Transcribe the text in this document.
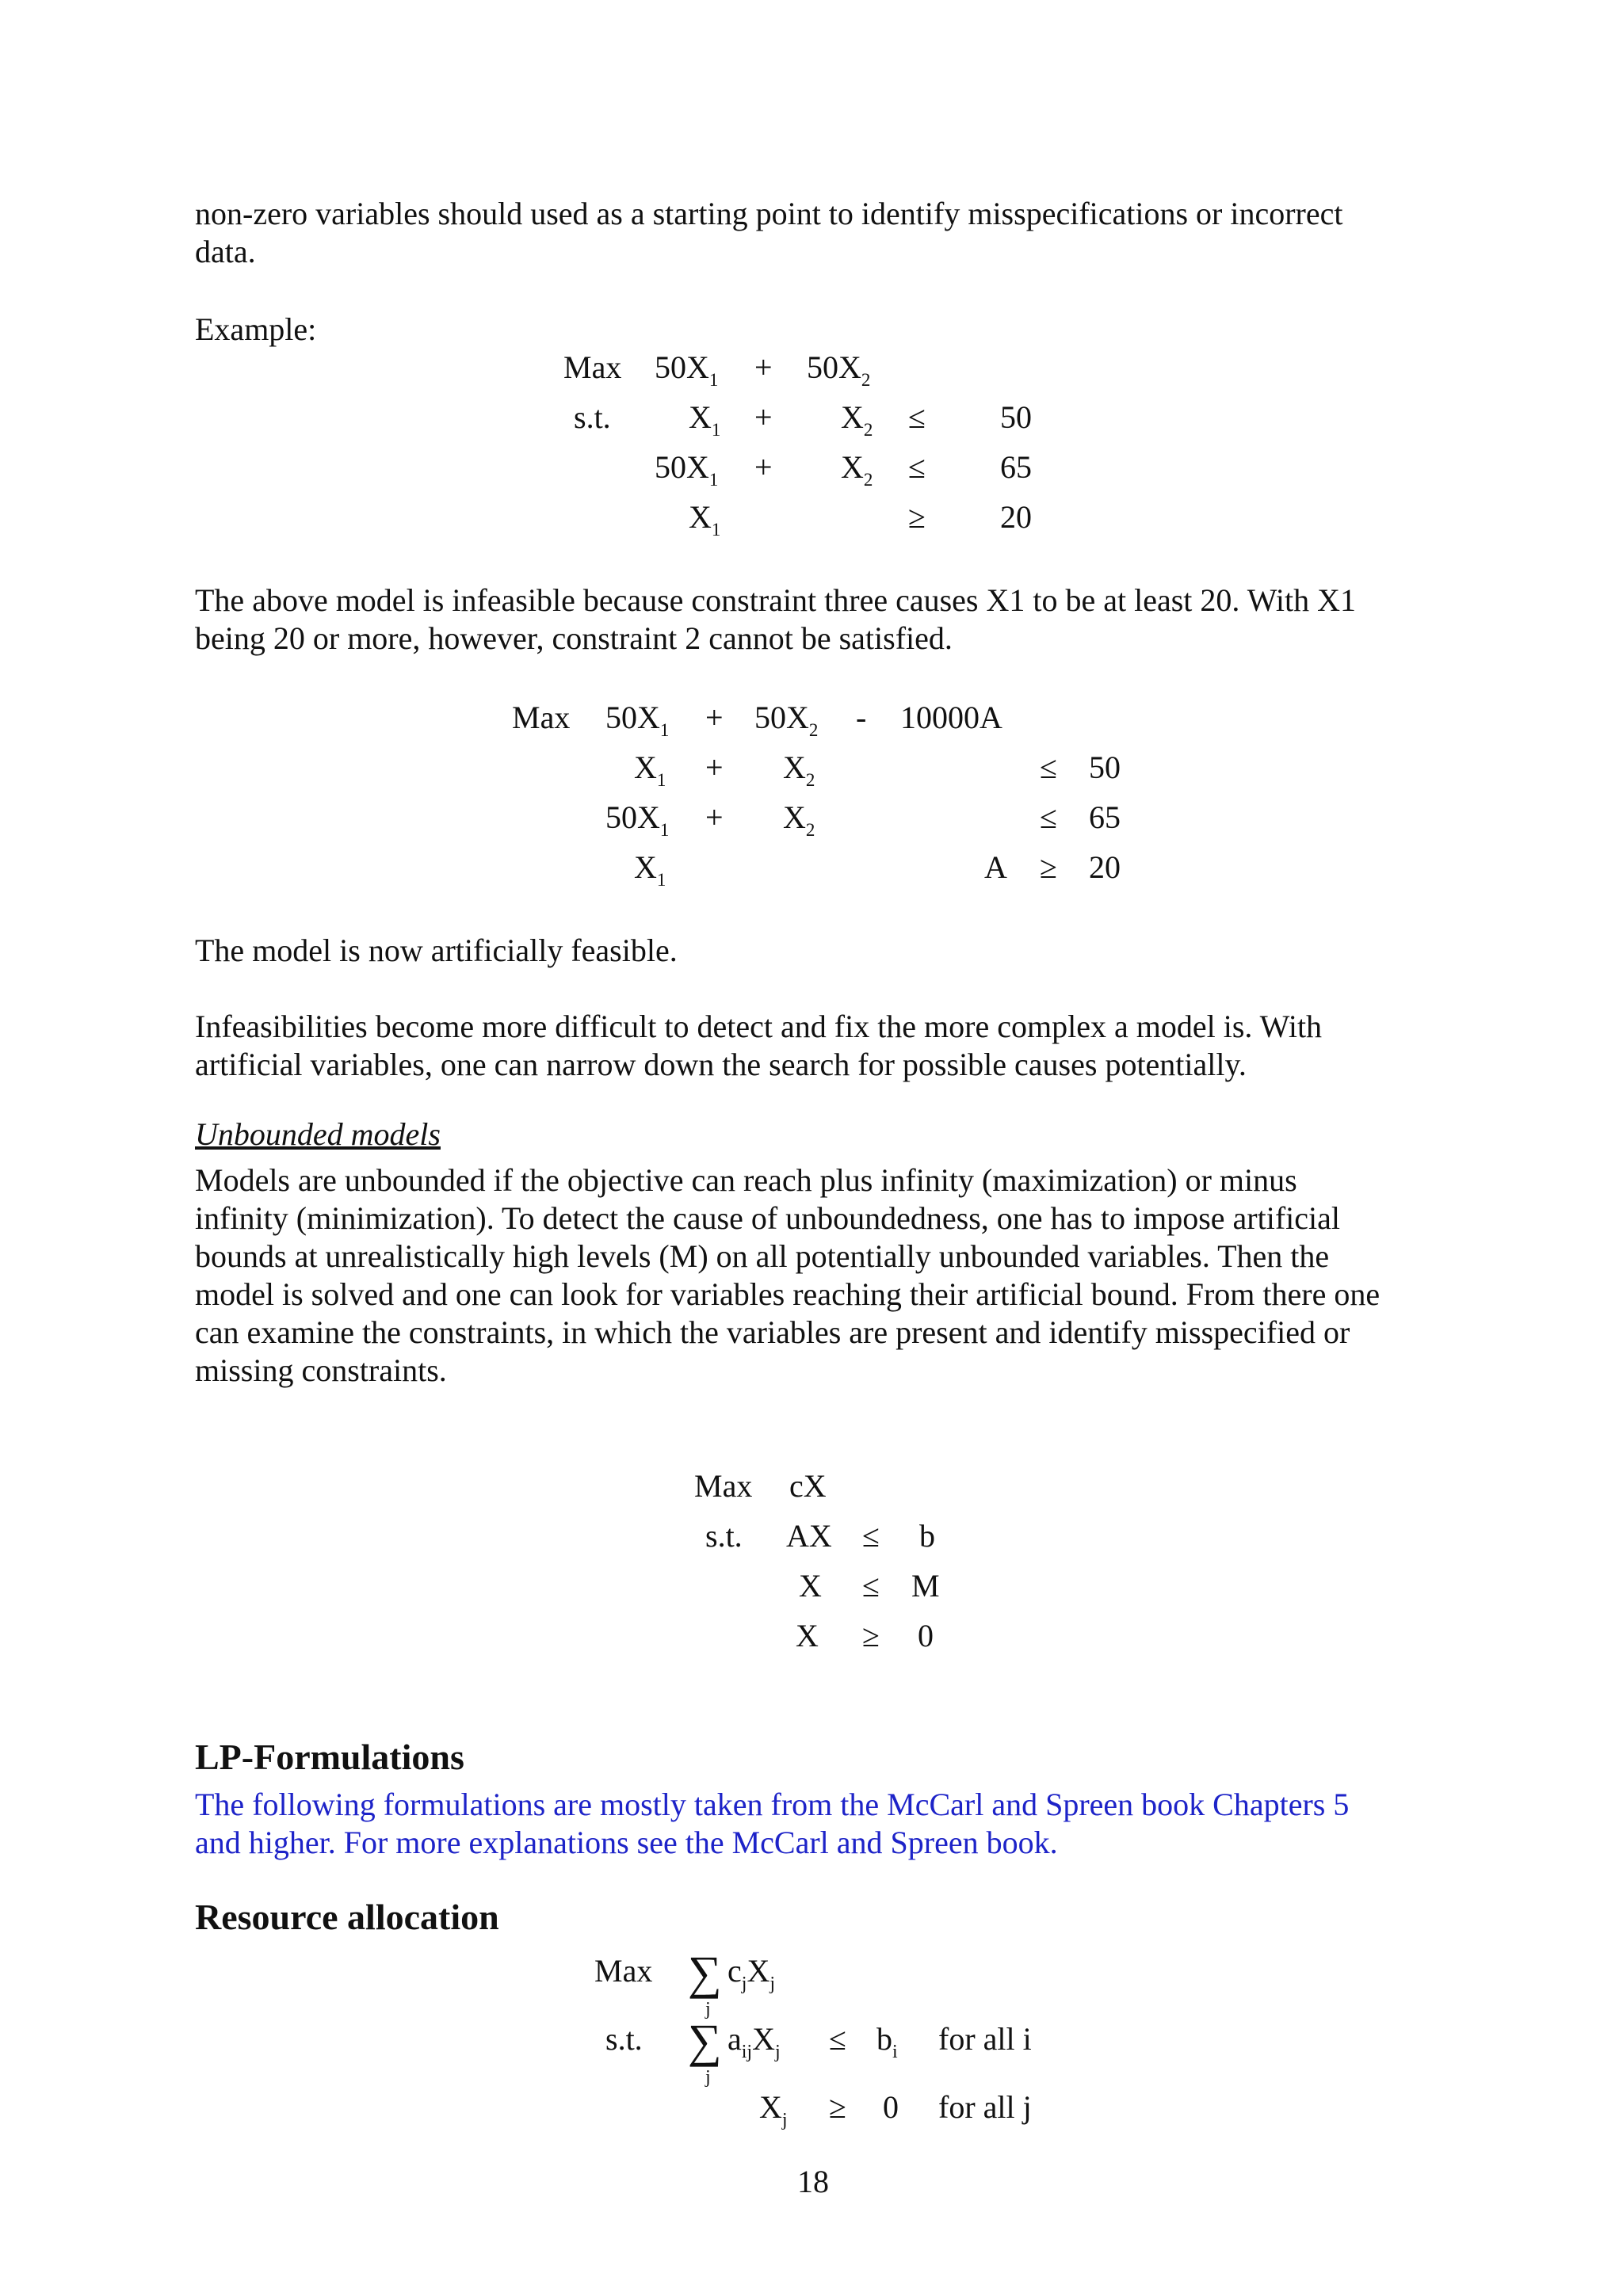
non-zero variables should used as a starting point to identify misspecifications or incorrect
data.
Example:
Max $50X_1 + 50X_2$
s.t. $X_1 + X_2 \le 50$
$50X_1 + X_2 \le 65$
$X_1$	≥ 20
The above model is infeasible because constraint three causes X1 to be at least 20. With X1
being 20 or more, however, constraint 2 cannot be satisfied.
Max $50X_1 + 50X_2 - 10000A$
$X_1 + X_2$	≤ 50
$50X_1 + X_2$	≤ 65
$X_1$	A ≥ 20
The model is now artificially feasible.
Infeasibilities become more difficult to detect and fix the more complex a model is. With
artificial variables, one can narrow down the search for possible causes potentially.
Unbounded models
Models are unbounded if the objective can reach plus infinity (maximization) or minus
infinity (minimization). To detect the cause of unboundedness, one has to impose artificial
bounds at unrealistically high levels (M) on all potentially unbounded variables. Then the
model is solved and one can look for variables reaching their artificial bound. From there one
can examine the constraints, in which the variables are present and identify misspecified or
missing constraints.
Max cX
s.t. AX ≤ b
X ≤ M
X ≥ 0
LP-Formulations
The following formulations are mostly taken from the McCarl and Spreen book Chapters 5
and higher. For more explanations see the McCarl and Spreen book.
Resource allocation
Max ∑
j
$c_jX_j$
s.t. ∑
j
$a_{ij}X_j \le b_i$ for all i
$X_j \ge 0$ for all j
18
